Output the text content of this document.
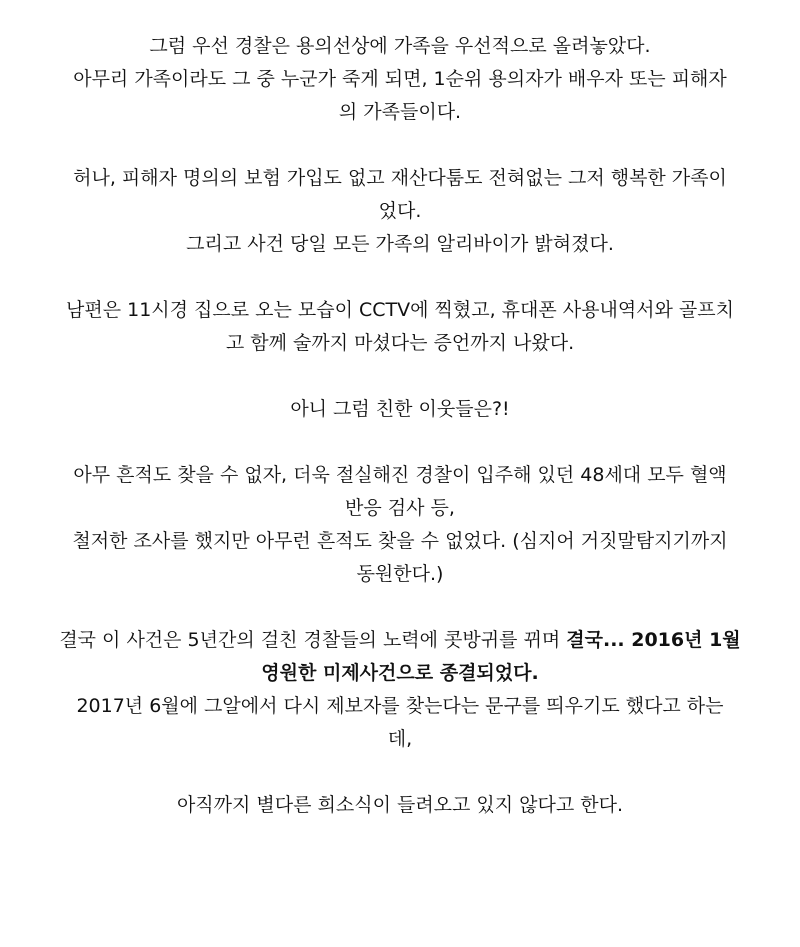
그럼 우선 경찰은 용의선상에 가족을 우선적으로 올려놓았다.
아무리 가족이라도 그 중 누군가 죽게 되면, 1순위 용의자가 배우자 또는 피해자
의 가족들이다.
허나, 피해자 명의의 보험 가입도 없고 재산다툼도 전혀없는 그저 행복한 가족이
었다.
그리고 사건 당일 모든 가족의 알리바이가 밝혀졌다.
남편은 11시경 집으로 오는 모습이 CCTV에 찍혔고, 휴대폰 사용내역서와 골프치
고 함께 술까지 마셨다는 증언까지 나왔다.
아니 그럼 친한 이웃들은?!
아무 흔적도 찾을 수 없자, 더욱 절실해진 경찰이 입주해 있던 48세대 모두 혈액
반응 검사 등,
철저한 조사를 했지만 아무런 흔적도 찾을 수 없었다. (심지어 거짓말탐지기까지
동원한다.)
결국 이 사건은 5년간의 걸친 경찰들의 노력에 콧방귀를 뀌며 결국... 2016년 1월
영원한 미제사건으로 종결되었다.
2017년 6월에 그알에서 다시 제보자를 찾는다는 문구를 띄우기도 했다고 하는
데,
아직까지 별다른 희소식이 들려오고 있지 않다고 한다.
